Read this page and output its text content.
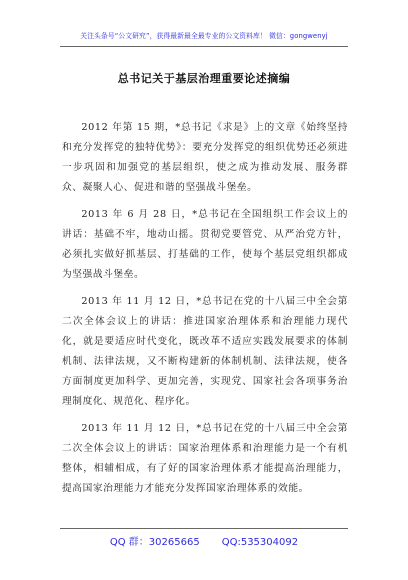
关注头条号“公文研究”，获得最新最全最专业的公文资料库！ 微信：gongwenyj
总书记关于基层治理重要论述摘编

2012 年第 15 期，*总书记《求是》上的文章《始终坚持和充分发挥党的独特优势》：要充分发挥党的组织优势还必须进一步巩固和加强党的基层组织，使之成为推动发展、服务群众、凝聚人心、促进和谐的坚强战斗堡垒。

2013 年 6 月 28 日，*总书记在全国组织工作会议上的讲话：基础不牢，地动山摇。贯彻党要管党、从严治党方针，必须扎实做好抓基层、打基础的工作，使每个基层党组织都成为坚强战斗堡垒。

2013 年 11 月 12 日，*总书记在党的十八届三中全会第二次全体会议上的讲话：推进国家治理体系和治理能力现代化，就是要适应时代变化，既改革不适应实践发展要求的体制机制、法律法规，又不断构建新的体制机制、法律法规，使各方面制度更加科学、更加完善，实现党、国家社会各项事务治理制度化、规范化、程序化。

2013 年 11 月 12 日，*总书记在党的十八届三中全会第二次全体会议上的讲话：国家治理体系和治理能力是一个有机整体，相辅相成，有了好的国家治理体系才能提高治理能力，提高国家治理能力才能充分发挥国家治理体系的效能。

QQ 群：30265665 QQ:535304092
